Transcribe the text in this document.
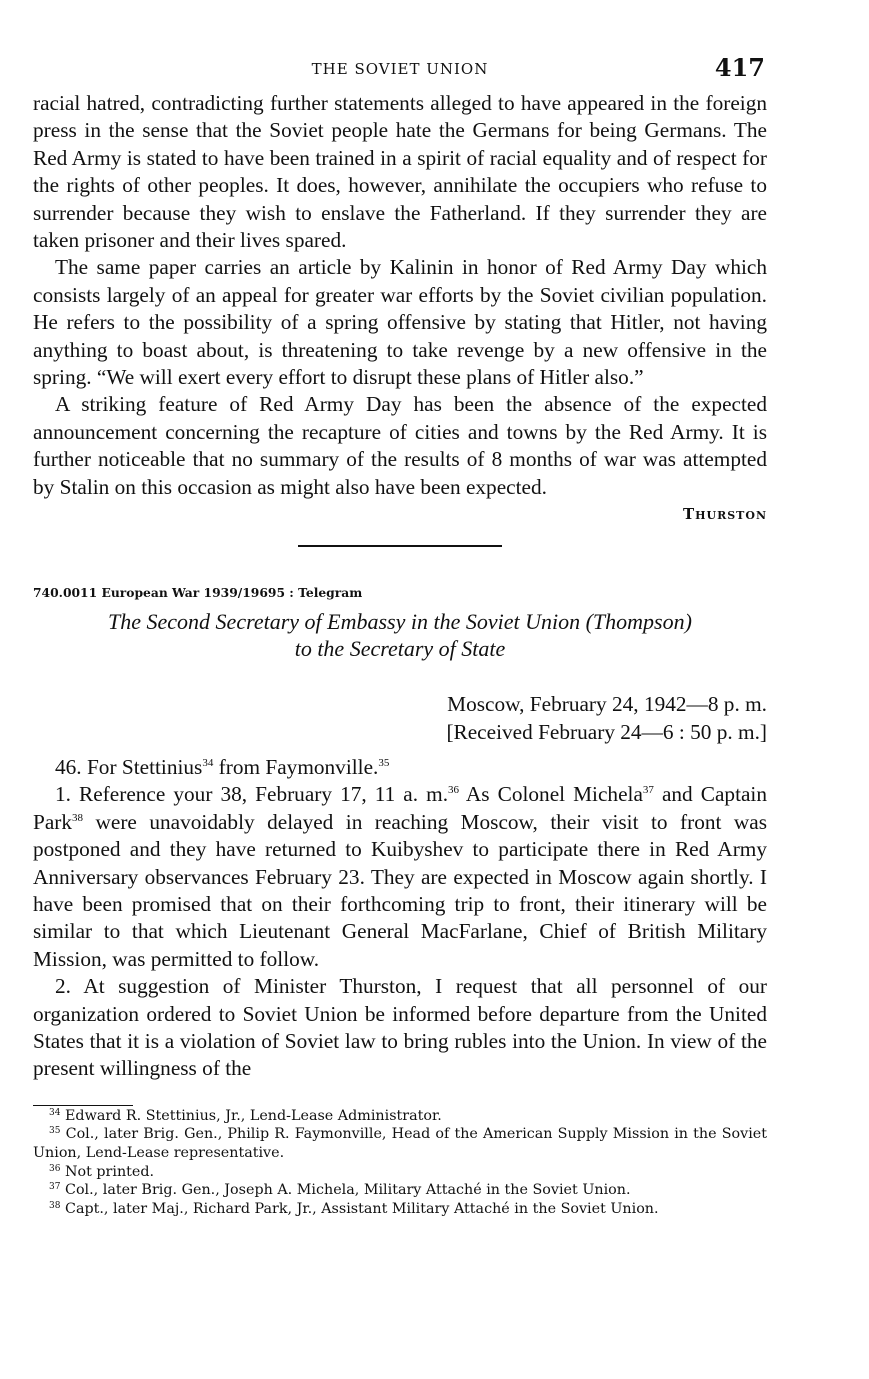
THE SOVIET UNION	417

racial hatred, contradicting further statements alleged to have appeared in the foreign press in the sense that the Soviet people hate the Germans for being Germans. The Red Army is stated to have been trained in a spirit of racial equality and of respect for the rights of other peoples. It does, however, annihilate the occupiers who refuse to surrender because they wish to enslave the Fatherland. If they surrender they are taken prisoner and their lives spared.

The same paper carries an article by Kalinin in honor of Red Army Day which consists largely of an appeal for greater war efforts by the Soviet civilian population. He refers to the possibility of a spring offensive by stating that Hitler, not having anything to boast about, is threatening to take revenge by a new offensive in the spring. “We will exert every effort to disrupt these plans of Hitler also.”

A striking feature of Red Army Day has been the absence of the expected announcement concerning the recapture of cities and towns by the Red Army. It is further noticeable that no summary of the results of 8 months of war was attempted by Stalin on this occasion as might also have been expected.

Thurston
740.0011 European War 1939/19695 : Telegram
The Second Secretary of Embassy in the Soviet Union (Thompson)
to the Secretary of State
Moscow, February 24, 1942—8 p. m.
[Received February 24—6 : 50 p. m.]

46. For Stettinius$^{34}$ from Faymonville.$^{35}$

1. Reference your 38, February 17, 11 a. m.$^{36}$ As Colonel Michela$^{37}$ and Captain Park$^{38}$ were unavoidably delayed in reaching Moscow, their visit to front was postponed and they have returned to Kuibyshev to participate there in Red Army Anniversary observances February 23. They are expected in Moscow again shortly. I have been promised that on their forthcoming trip to front, their itinerary will be similar to that which Lieutenant General MacFarlane, Chief of British Military Mission, was permitted to follow.

2. At suggestion of Minister Thurston, I request that all personnel of our organization ordered to Soviet Union be informed before departure from the United States that it is a violation of Soviet law to bring rubles into the Union. In view of the present willingness of the

$^{34}$ Edward R. Stettinius, Jr., Lend-Lease Administrator.
$^{35}$ Col., later Brig. Gen., Philip R. Faymonville, Head of the American Supply Mission in the Soviet Union, Lend-Lease representative.
$^{36}$ Not printed.
$^{37}$ Col., later Brig. Gen., Joseph A. Michela, Military Attaché in the Soviet Union.
$^{38}$ Capt., later Maj., Richard Park, Jr., Assistant Military Attaché in the Soviet Union.
